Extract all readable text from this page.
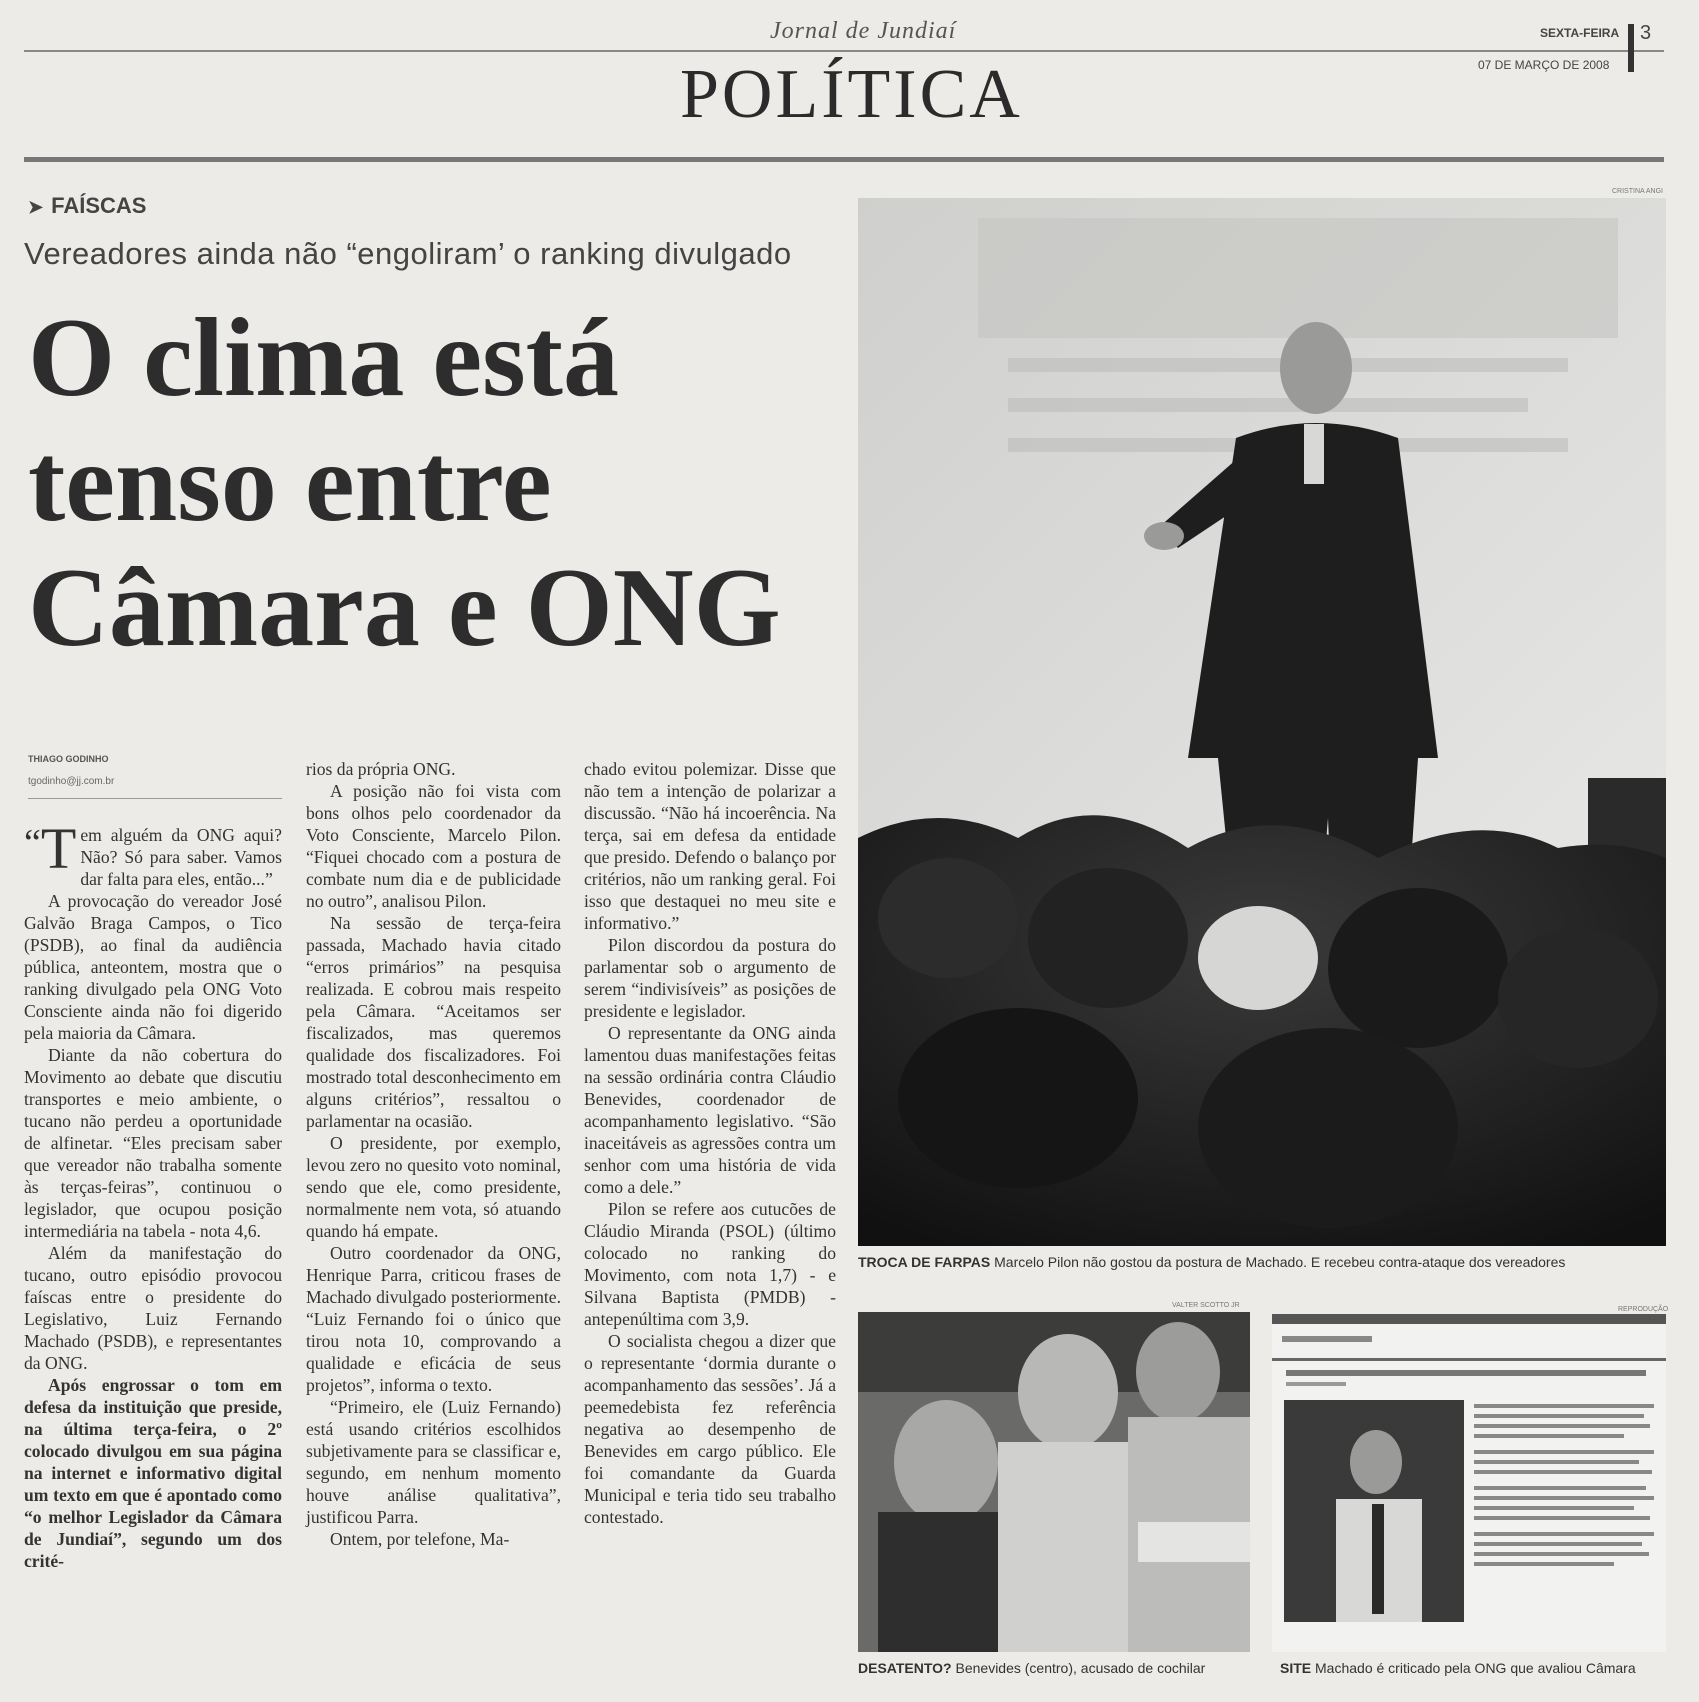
Jornal de Jundiaí	SEXTA-FEIRA
07 DE MARÇO DE 2008
3
POLÍTICA
➤ FAÍSCAS
Vereadores ainda não “engoliram’ o ranking divulgado
O clima está tenso entre Câmara e ONG
THIAGO GODINHO
tgodinho@jj.com.br

“ T em alguém da ONG aqui? Não? Só para saber. Vamos dar falta para eles, então...”

A provocação do vereador José Galvão Braga Campos, o Tico (PSDB), ao final da audiência pública, anteontem, mostra que o ranking divulgado pela ONG Voto Consciente ainda não foi digerido pela maioria da Câmara.

Diante da não cobertura do Movimento ao debate que discutiu transportes e meio ambiente, o tucano não perdeu a oportunidade de alfinetar. “Eles precisam saber que vereador não trabalha somente às terças-feiras”, continuou o legislador, que ocupou posição intermediária na tabela - nota 4,6.

Além da manifestação do tucano, outro episódio provocou faíscas entre o presidente do Legislativo, Luiz Fernando Machado (PSDB), e representantes da ONG.

Após engrossar o tom em defesa da instituição que preside, na última terça-feira, o 2º colocado divulgou em sua página na internet e informativo digital um texto em que é apontado como “o melhor Legislador da Câmara de Jundiaí”, segundo um dos crité-

rios da própria ONG.

A posição não foi vista com bons olhos pelo coordenador da Voto Consciente, Marcelo Pilon. “Fiquei chocado com a postura de combate num dia e de publicidade no outro”, analisou Pilon.

Na sessão de terça-feira passada, Machado havia citado “erros primários” na pesquisa realizada. E cobrou mais respeito pela Câmara. “Aceitamos ser fiscalizados, mas queremos qualidade dos fiscalizadores. Foi mostrado total desconhecimento em alguns critérios”, ressaltou o parlamentar na ocasião.

O presidente, por exemplo, levou zero no quesito voto nominal, sendo que ele, como presidente, normalmente nem vota, só atuando quando há empate.

Outro coordenador da ONG, Henrique Parra, criticou frases de Machado divulgado posteriormente. “Luiz Fernando foi o único que tirou nota 10, comprovando a qualidade e eficácia de seus projetos”, informa o texto.

“Primeiro, ele (Luiz Fernando) está usando critérios escolhidos subjetivamente para se classificar e, segundo, em nenhum momento houve análise qualitativa”, justificou Parra.

Ontem, por telefone, Ma-

chado evitou polemizar. Disse que não tem a intenção de polarizar a discussão. “Não há incoerência. Na terça, sai em defesa da entidade que presido. Defendo o balanço por critérios, não um ranking geral. Foi isso que destaquei no meu site e informativo.”

Pilon discordou da postura do parlamentar sob o argumento de serem “indivisíveis” as posições de presidente e legislador.

O representante da ONG ainda lamentou duas manifestações feitas na sessão ordinária contra Cláudio Benevides, coordenador de acompanhamento legislativo. “São inaceitáveis as agressões contra um senhor com uma história de vida como a dele.”

Pilon se refere aos cutucões de Cláudio Miranda (PSOL) (último colocado no ranking do Movimento, com nota 1,7) - e Silvana Baptista (PMDB) - antepenúltima com 3,9.

O socialista chegou a dizer que o representante ‘dormia durante o acompanhamento das sessões’. Já a peemedebista fez referência negativa ao desempenho de Benevides em cargo público. Ele foi comandante da Guarda Municipal e teria tido seu trabalho contestado.

CRISTINA ANGI
TROCA DE FARPAS Marcelo Pilon não gostou da postura de Machado. E recebeu contra-ataque dos vereadores
VALTER SCOTTO JR
DESATENTO? Benevides (centro), acusado de cochilar
REPRODUÇÃO
SITE Machado é criticado pela ONG que avaliou Câmara
